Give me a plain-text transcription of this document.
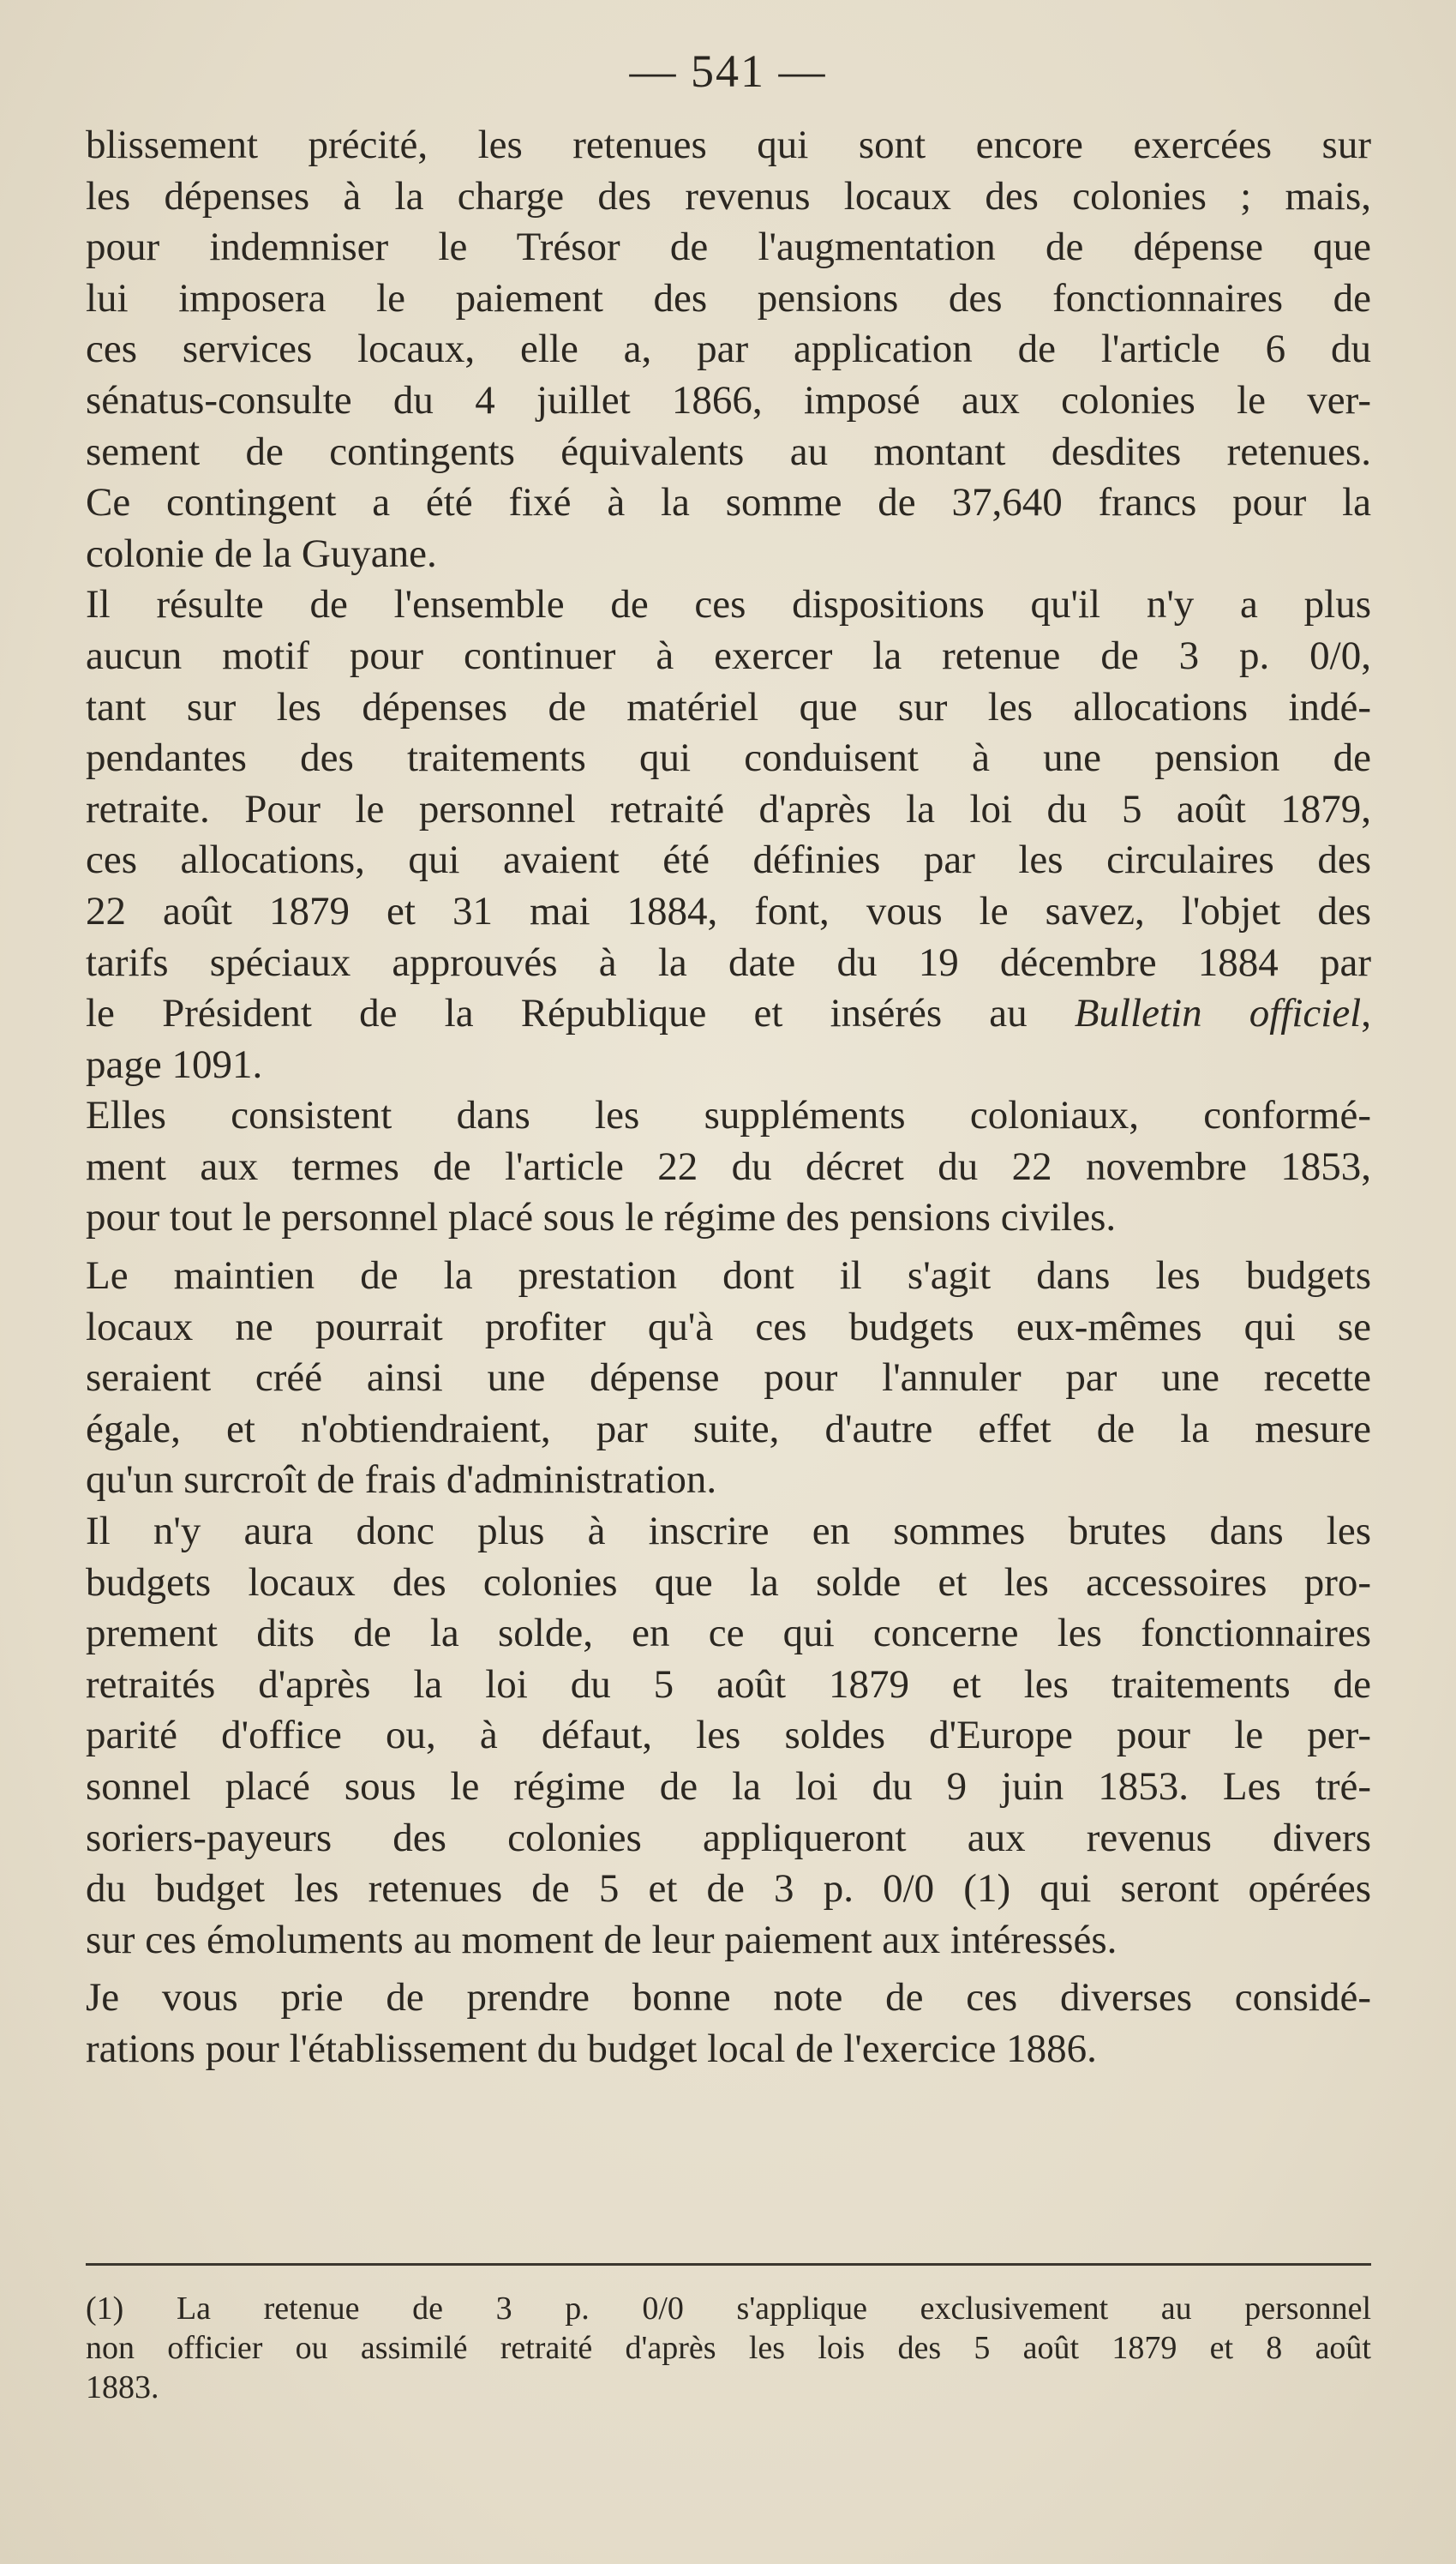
— 541 —

blissement précité, les retenues qui sont encore exercées sur
les dépenses à la charge des revenus locaux des colonies ; mais,
pour indemniser le Trésor de l'augmentation de dépense que
lui imposera le paiement des pensions des fonctionnaires de
ces services locaux, elle a, par application de l'article 6 du
sénatus-consulte du 4 juillet 1866, imposé aux colonies le ver-
sement de contingents équivalents au montant desdites retenues.
Ce contingent a été fixé à la somme de 37,640 francs pour la
colonie de la Guyane.

Il résulte de l'ensemble de ces dispositions qu'il n'y a plus
aucun motif pour continuer à exercer la retenue de 3 p. 0/0,
tant sur les dépenses de matériel que sur les allocations indé-
pendantes des traitements qui conduisent à une pension de
retraite. Pour le personnel retraité d'après la loi du 5 août 1879,
ces allocations, qui avaient été définies par les circulaires des
22 août 1879 et 31 mai 1884, font, vous le savez, l'objet des
tarifs spéciaux approuvés à la date du 19 décembre 1884 par
le Président de la République et insérés au Bulletin officiel,
page 1091.

Elles consistent dans les suppléments coloniaux, conformé-
ment aux termes de l'article 22 du décret du 22 novembre 1853,
pour tout le personnel placé sous le régime des pensions civiles.

Le maintien de la prestation dont il s'agit dans les budgets
locaux ne pourrait profiter qu'à ces budgets eux-mêmes qui se
seraient créé ainsi une dépense pour l'annuler par une recette
égale, et n'obtiendraient, par suite, d'autre effet de la mesure
qu'un surcroît de frais d'administration.

Il n'y aura donc plus à inscrire en sommes brutes dans les
budgets locaux des colonies que la solde et les accessoires pro-
prement dits de la solde, en ce qui concerne les fonctionnaires
retraités d'après la loi du 5 août 1879 et les traitements de
parité d'office ou, à défaut, les soldes d'Europe pour le per-
sonnel placé sous le régime de la loi du 9 juin 1853. Les tré-
soriers-payeurs des colonies appliqueront aux revenus divers
du budget les retenues de 5 et de 3 p. 0/0 (1) qui seront opérées
sur ces émoluments au moment de leur paiement aux intéressés.

Je vous prie de prendre bonne note de ces diverses considé-
rations pour l'établissement du budget local de l'exercice 1886.

(1) La retenue de 3 p. 0/0 s'applique exclusivement au personnel
non officier ou assimilé retraité d'après les lois des 5 août 1879 et 8 août
1883.
